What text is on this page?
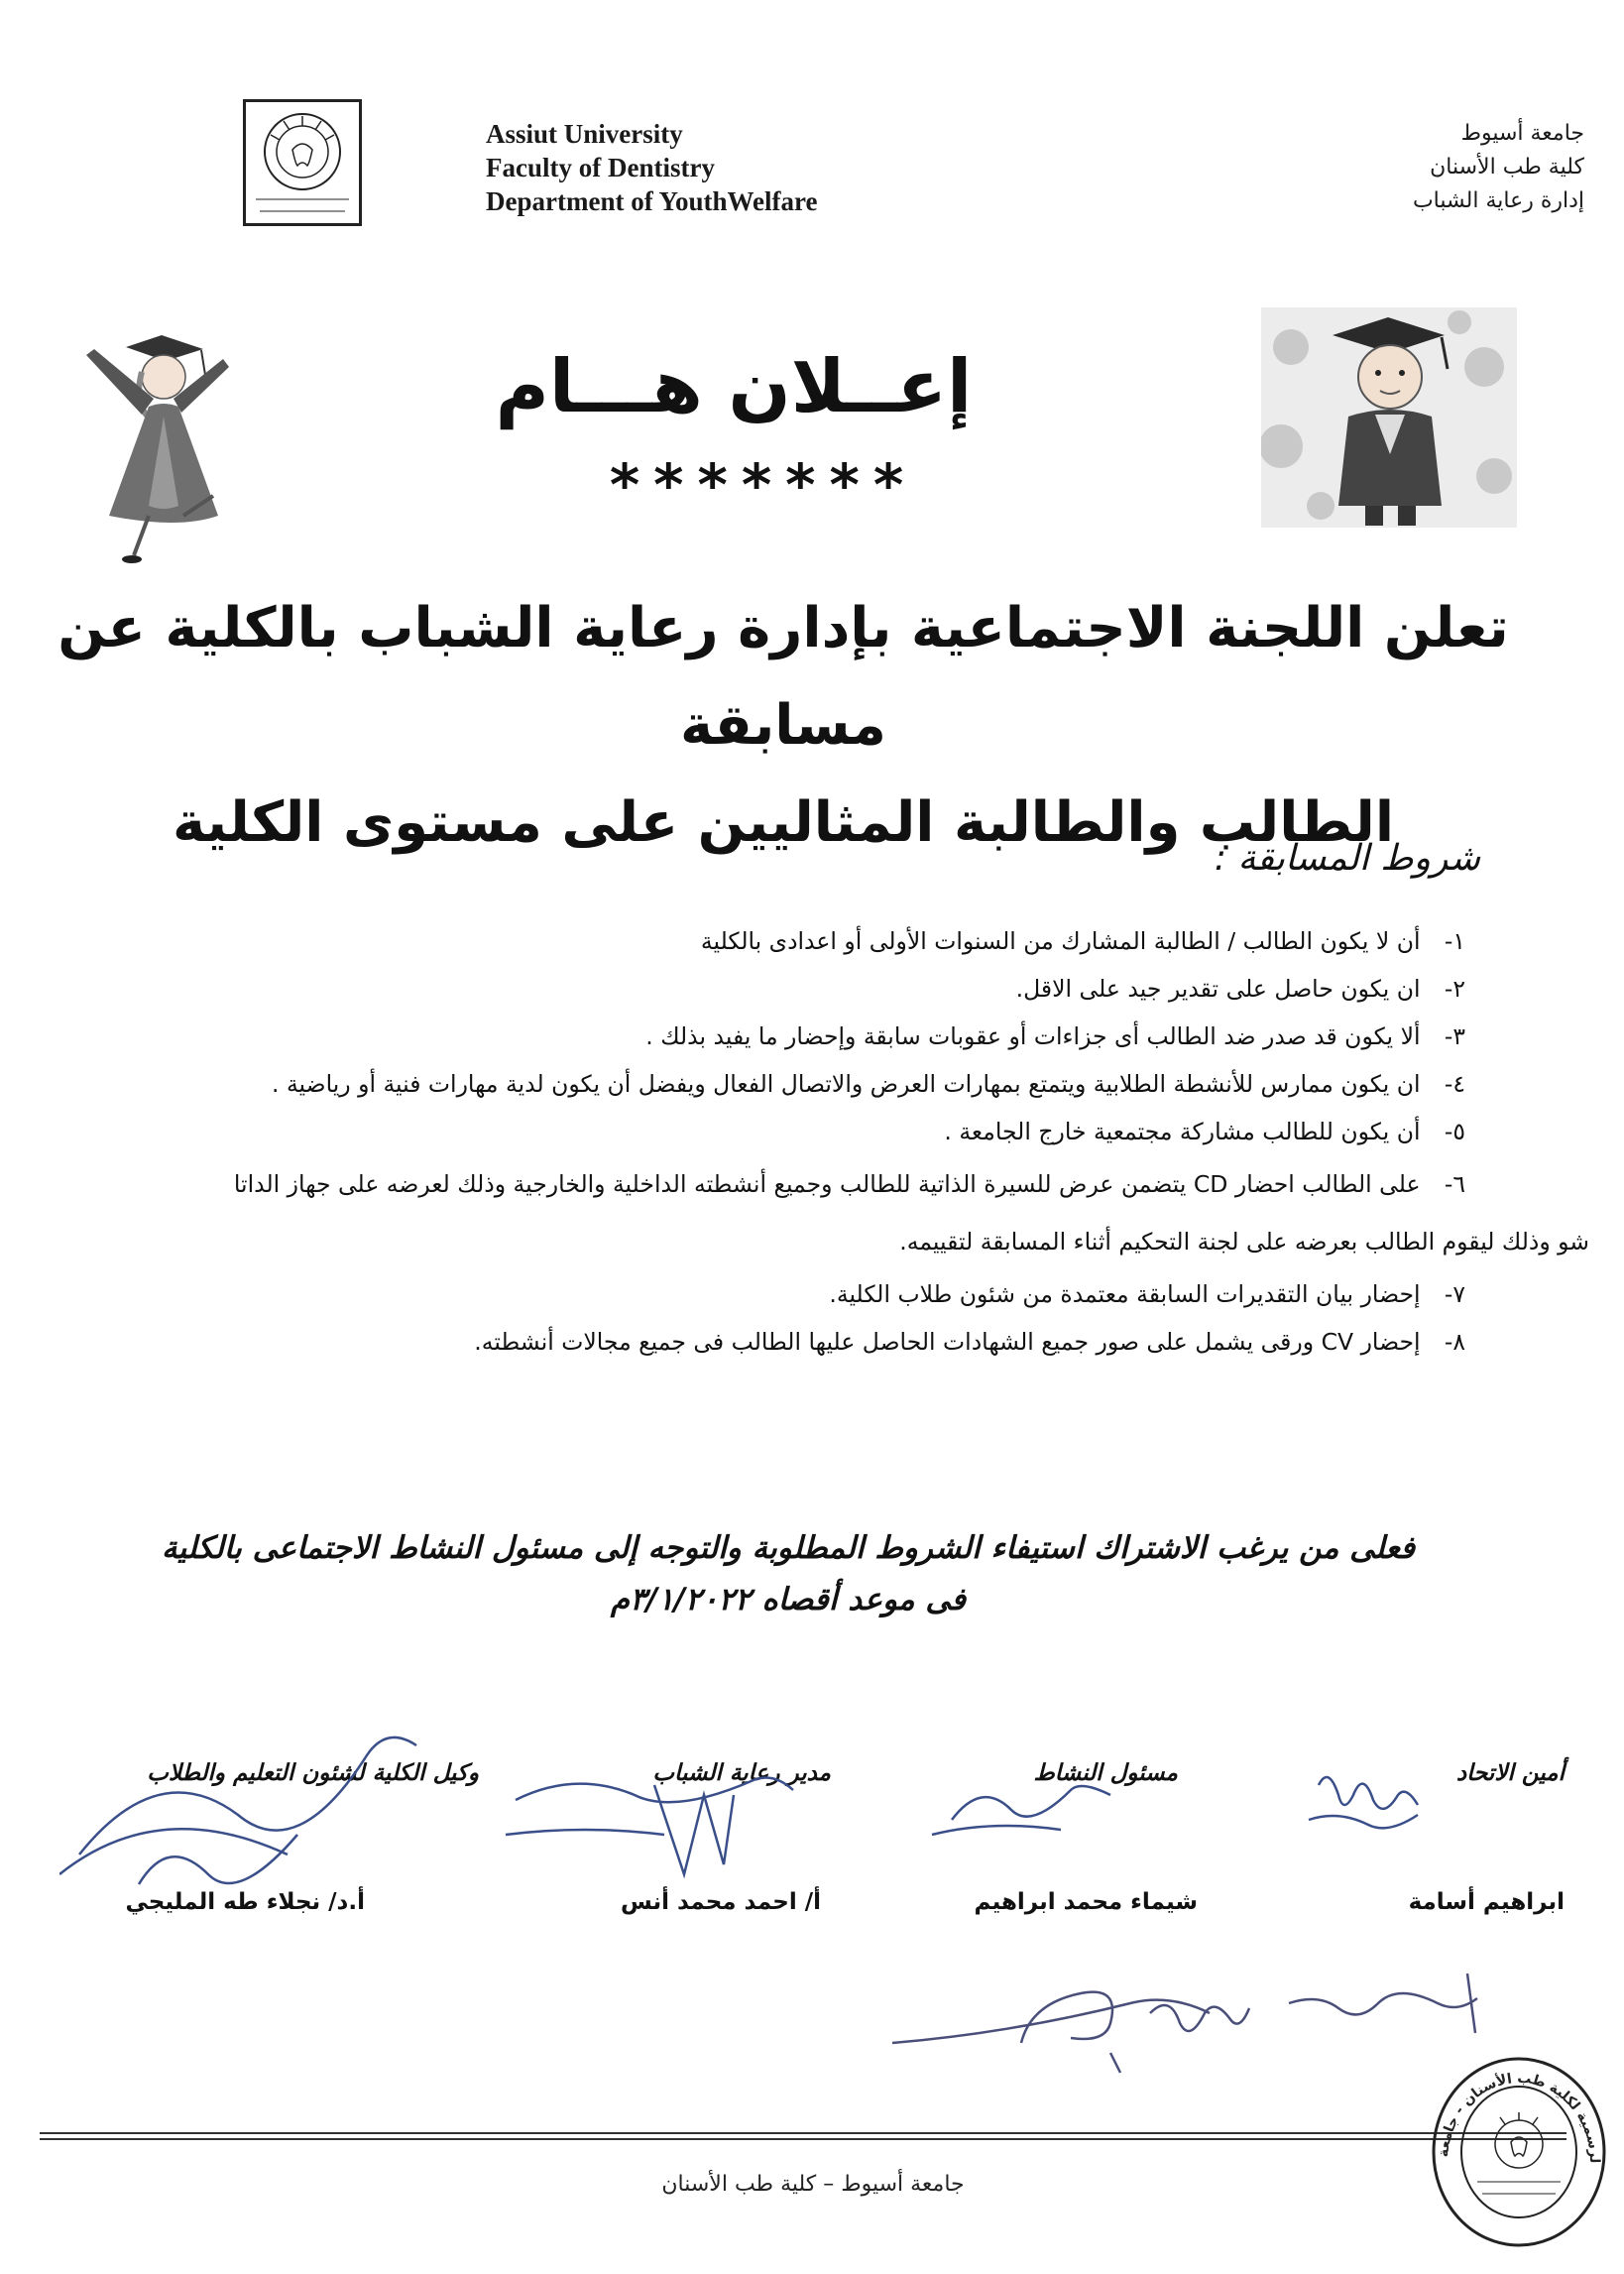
Assiut University
Faculty of Dentistry
Department of YouthWelfare
جامعة أسيوط
كلية طب الأسنان
إدارة رعاية الشباب
إعــلان هـــام
*******
تعلن اللجنة الاجتماعية بإدارة رعاية الشباب بالكلية عن مسابقة
الطالب والطالبة المثاليين على مستوى الكلية
شروط المسابقة :
١- أن لا يكون الطالب / الطالبة المشارك من السنوات الأولى أو اعدادى بالكلية
٢- ان يكون حاصل على تقدير جيد على الاقل.
٣- ألا يكون قد صدر ضد الطالب أى جزاءات أو عقوبات سابقة وإحضار ما يفيد بذلك .
٤- ان يكون ممارس للأنشطة الطلابية ويتمتع بمهارات العرض والاتصال الفعال ويفضل أن يكون لدية مهارات فنية أو رياضية .
٥- أن يكون للطالب مشاركة مجتمعية خارج الجامعة .
٦- على الطالب احضار CD يتضمن عرض للسيرة الذاتية للطالب وجميع أنشطته الداخلية والخارجية وذلك لعرضه على جهاز الداتا شو وذلك ليقوم الطالب بعرضه على لجنة التحكيم أثناء المسابقة لتقييمه.
٧- إحضار بيان التقديرات السابقة معتمدة من شئون طلاب الكلية.
٨- إحضار CV ورقى يشمل على صور جميع الشهادات الحاصل عليها الطالب فى جميع مجالات أنشطته.
فعلى من يرغب الاشتراك استيفاء الشروط المطلوبة والتوجه إلى مسئول النشاط الاجتماعى بالكلية
فى موعد أقصاه ٣/١/٢٠٢٢م
أمين الاتحاد
مسئول النشاط
مدير رعاية الشباب
وكيل الكلية لشئون التعليم والطلاب
ابراهيم أسامة
شيماء محمد ابراهيم
أ/ احمد محمد أنس
أ.د/ نجلاء طه المليجي
جامعة أسيوط – كلية طب الأسنان
لرسمية لكلية طب الأسنان - جامعة
